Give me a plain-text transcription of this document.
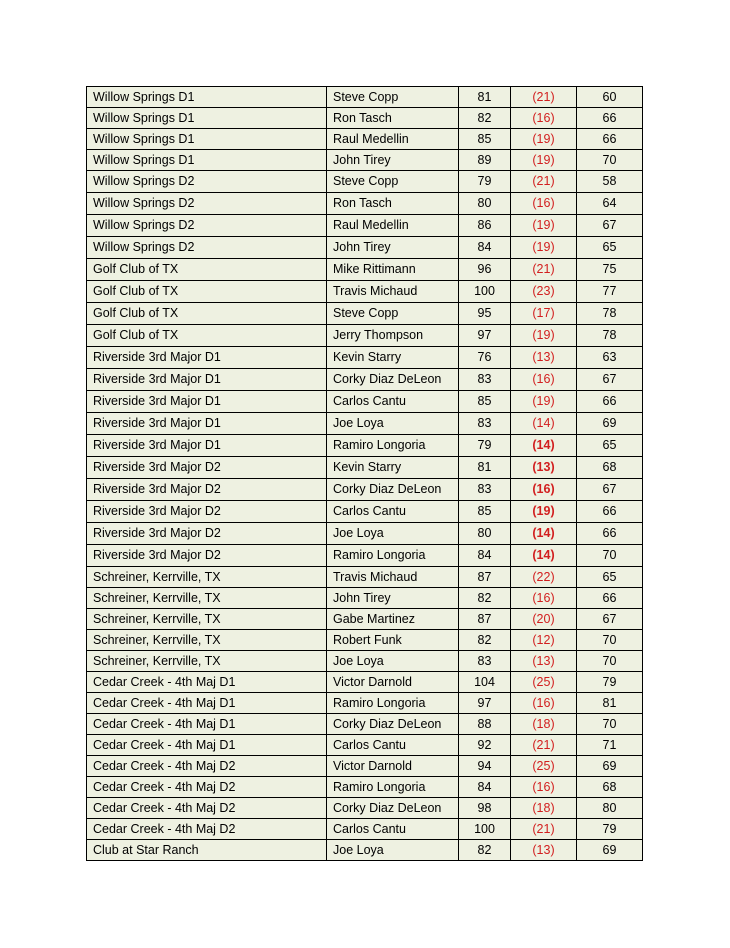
Willow Springs D1	Steve Copp	81	(21)	60
Willow Springs D1	Ron Tasch	82	(16)	66
Willow Springs D1	Raul Medellin	85	(19)	66
Willow Springs D1	John Tirey	89	(19)	70
Willow Springs D2	Steve Copp	79	(21)	58
Willow Springs D2	Ron Tasch	80	(16)	64
Willow Springs D2	Raul Medellin	86	(19)	67
Willow Springs D2	John Tirey	84	(19)	65
Golf Club of TX	Mike Rittimann	96	(21)	75
Golf Club of TX	Travis Michaud	100	(23)	77
Golf Club of TX	Steve Copp	95	(17)	78
Golf Club of TX	Jerry Thompson	97	(19)	78
Riverside 3rd Major D1	Kevin Starry	76	(13)	63
Riverside 3rd Major D1	Corky Diaz DeLeon	83	(16)	67
Riverside 3rd Major D1	Carlos Cantu	85	(19)	66
Riverside 3rd Major D1	Joe Loya	83	(14)	69
Riverside 3rd Major D1	Ramiro Longoria	79	(14)	65
Riverside 3rd Major D2	Kevin Starry	81	(13)	68
Riverside 3rd Major D2	Corky Diaz DeLeon	83	(16)	67
Riverside 3rd Major D2	Carlos Cantu	85	(19)	66
Riverside 3rd Major D2	Joe Loya	80	(14)	66
Riverside 3rd Major D2	Ramiro Longoria	84	(14)	70
Schreiner, Kerrville, TX	Travis Michaud	87	(22)	65
Schreiner, Kerrville, TX	John Tirey	82	(16)	66
Schreiner, Kerrville, TX	Gabe Martinez	87	(20)	67
Schreiner, Kerrville, TX	Robert Funk	82	(12)	70
Schreiner, Kerrville, TX	Joe Loya	83	(13)	70
Cedar Creek - 4th Maj D1	Victor Darnold	104	(25)	79
Cedar Creek - 4th Maj D1	Ramiro Longoria	97	(16)	81
Cedar Creek - 4th Maj D1	Corky Diaz DeLeon	88	(18)	70
Cedar Creek - 4th Maj D1	Carlos Cantu	92	(21)	71
Cedar Creek - 4th Maj D2	Victor Darnold	94	(25)	69
Cedar Creek - 4th Maj D2	Ramiro Longoria	84	(16)	68
Cedar Creek - 4th Maj D2	Corky Diaz DeLeon	98	(18)	80
Cedar Creek - 4th Maj D2	Carlos Cantu	100	(21)	79
Club at Star Ranch	Joe Loya	82	(13)	69
